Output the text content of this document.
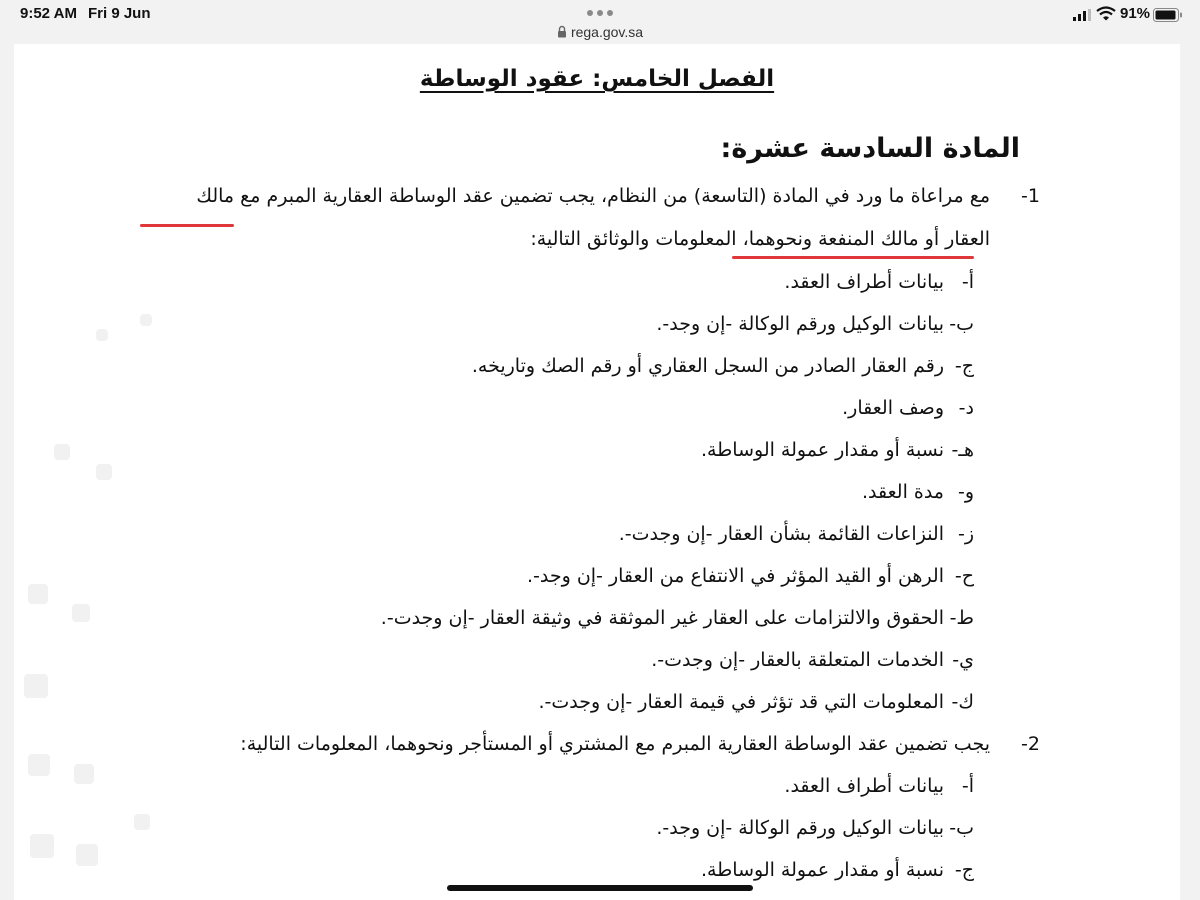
9:52 AM Fri 9 Jun	91%
rega.gov.sa
الفصل الخامس: عقود الوساطة
المادة السادسة عشرة:
1-
مع مراعاة ما ورد في المادة (التاسعة) من النظام، يجب تضمين عقد الوساطة العقارية المبرم مع مالك
العقار أو مالك المنفعة ونحوهما، المعلومات والوثائق التالية:
أ-
بيانات أطراف العقد.
ب-
بيانات الوكيل ورقم الوكالة -إن وجد-.
ج-
رقم العقار الصادر من السجل العقاري أو رقم الصك وتاريخه.
د-
وصف العقار.
هـ-
نسبة أو مقدار عمولة الوساطة.
و-
مدة العقد.
ز-
النزاعات القائمة بشأن العقار -إن وجدت-.
ح-
الرهن أو القيد المؤثر في الانتفاع من العقار -إن وجد-.
ط-
الحقوق والالتزامات على العقار غير الموثقة في وثيقة العقار -إن وجدت-.
ي-
الخدمات المتعلقة بالعقار -إن وجدت-.
ك-
المعلومات التي قد تؤثر في قيمة العقار -إن وجدت-.
2-
يجب تضمين عقد الوساطة العقارية المبرم مع المشتري أو المستأجر ونحوهما، المعلومات التالية:
أ-
بيانات أطراف العقد.
ب-
بيانات الوكيل ورقم الوكالة -إن وجد-.
ج-
نسبة أو مقدار عمولة الوساطة.
